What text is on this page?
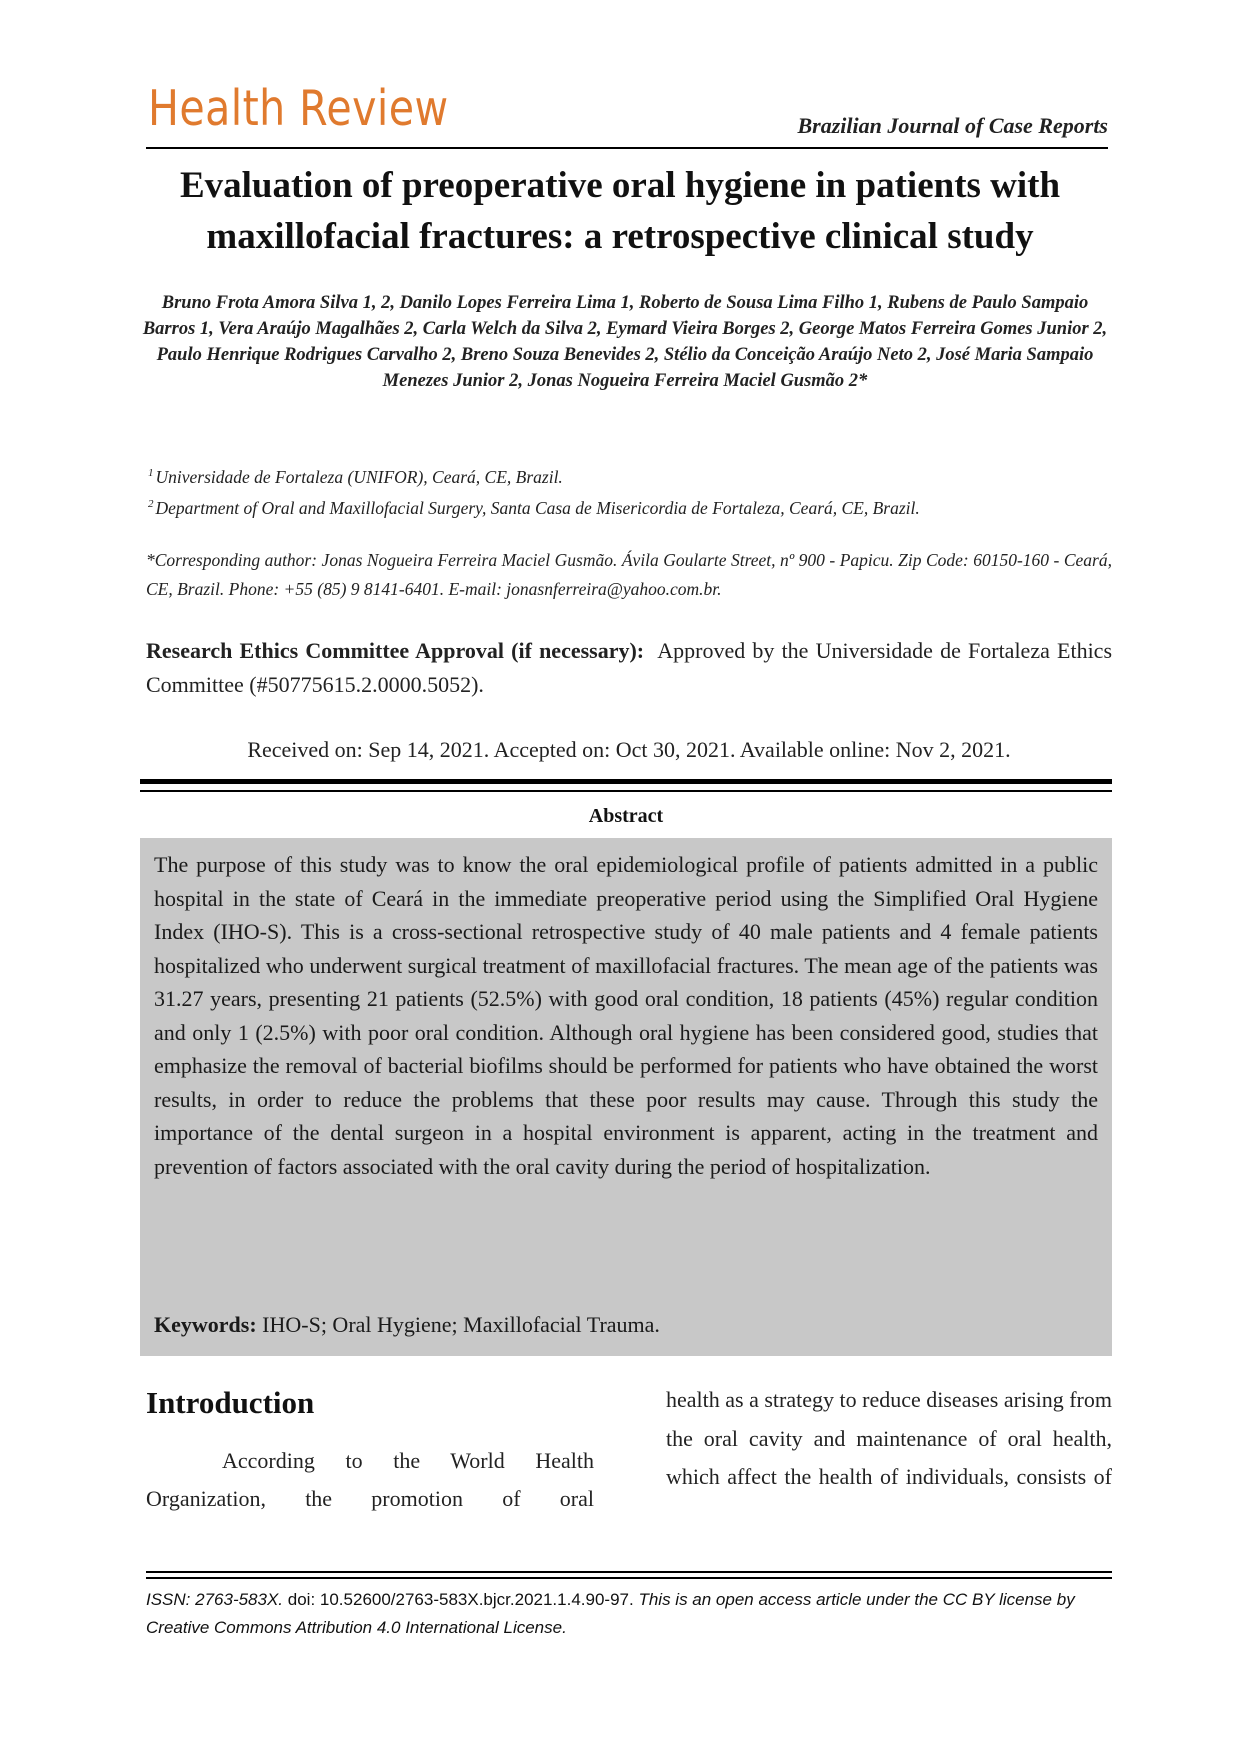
Health Review	Brazilian Journal of Case Reports
Evaluation of preoperative oral hygiene in patients with maxillofacial fractures: a retrospective clinical study
Bruno Frota Amora Silva 1, 2, Danilo Lopes Ferreira Lima 1, Roberto de Sousa Lima Filho 1, Rubens de Paulo Sampaio Barros 1, Vera Araújo Magalhães 2, Carla Welch da Silva 2, Eymard Vieira Borges 2, George Matos Ferreira Gomes Junior 2, Paulo Henrique Rodrigues Carvalho 2, Breno Souza Benevides 2, Stélio da Conceição Araújo Neto 2, José Maria Sampaio Menezes Junior 2, Jonas Nogueira Ferreira Maciel Gusmão 2*
$^1$ Universidade de Fortaleza (UNIFOR), Ceará, CE, Brazil.
$^2$ Department of Oral and Maxillofacial Surgery, Santa Casa de Misericordia de Fortaleza, Ceará, CE, Brazil.
*Corresponding author: Jonas Nogueira Ferreira Maciel Gusmão. Ávila Goularte Street, nº 900 - Papicu. Zip Code: 60150-160 - Ceará, CE, Brazil. Phone: +55 (85) 9 8141-6401. E-mail: jonasnferreira@yahoo.com.br.
Research Ethics Committee Approval (if necessary): Approved by the Universidade de Fortaleza Ethics Committee (#50775615.2.0000.5052).
Received on: Sep 14, 2021. Accepted on: Oct 30, 2021. Available online: Nov 2, 2021.
Abstract
The purpose of this study was to know the oral epidemiological profile of patients admitted in a public hospital in the state of Ceará in the immediate preoperative period using the Simplified Oral Hygiene Index (IHO-S). This is a cross-sectional retrospective study of 40 male patients and 4 female patients hospitalized who underwent surgical treatment of maxillofacial fractures. The mean age of the patients was 31.27 years, presenting 21 patients (52.5%) with good oral condition, 18 patients (45%) regular condition and only 1 (2.5%) with poor oral condition. Although oral hygiene has been considered good, studies that emphasize the removal of bacterial biofilms should be performed for patients who have obtained the worst results, in order to reduce the problems that these poor results may cause. Through this study the importance of the dental surgeon in a hospital environment is apparent, acting in the treatment and prevention of factors associated with the oral cavity during the period of hospitalization.
Keywords: IHO-S; Oral Hygiene; Maxillofacial Trauma.
Introduction
According to the World Health Organization, the promotion of oral
health as a strategy to reduce diseases arising from the oral cavity and maintenance of oral health, which affect the health of individuals, consists of
ISSN: 2763-583X. doi: 10.52600/2763-583X.bjcr.2021.1.4.90-97. This is an open access article under the CC BY license by Creative Commons Attribution 4.0 International License.
